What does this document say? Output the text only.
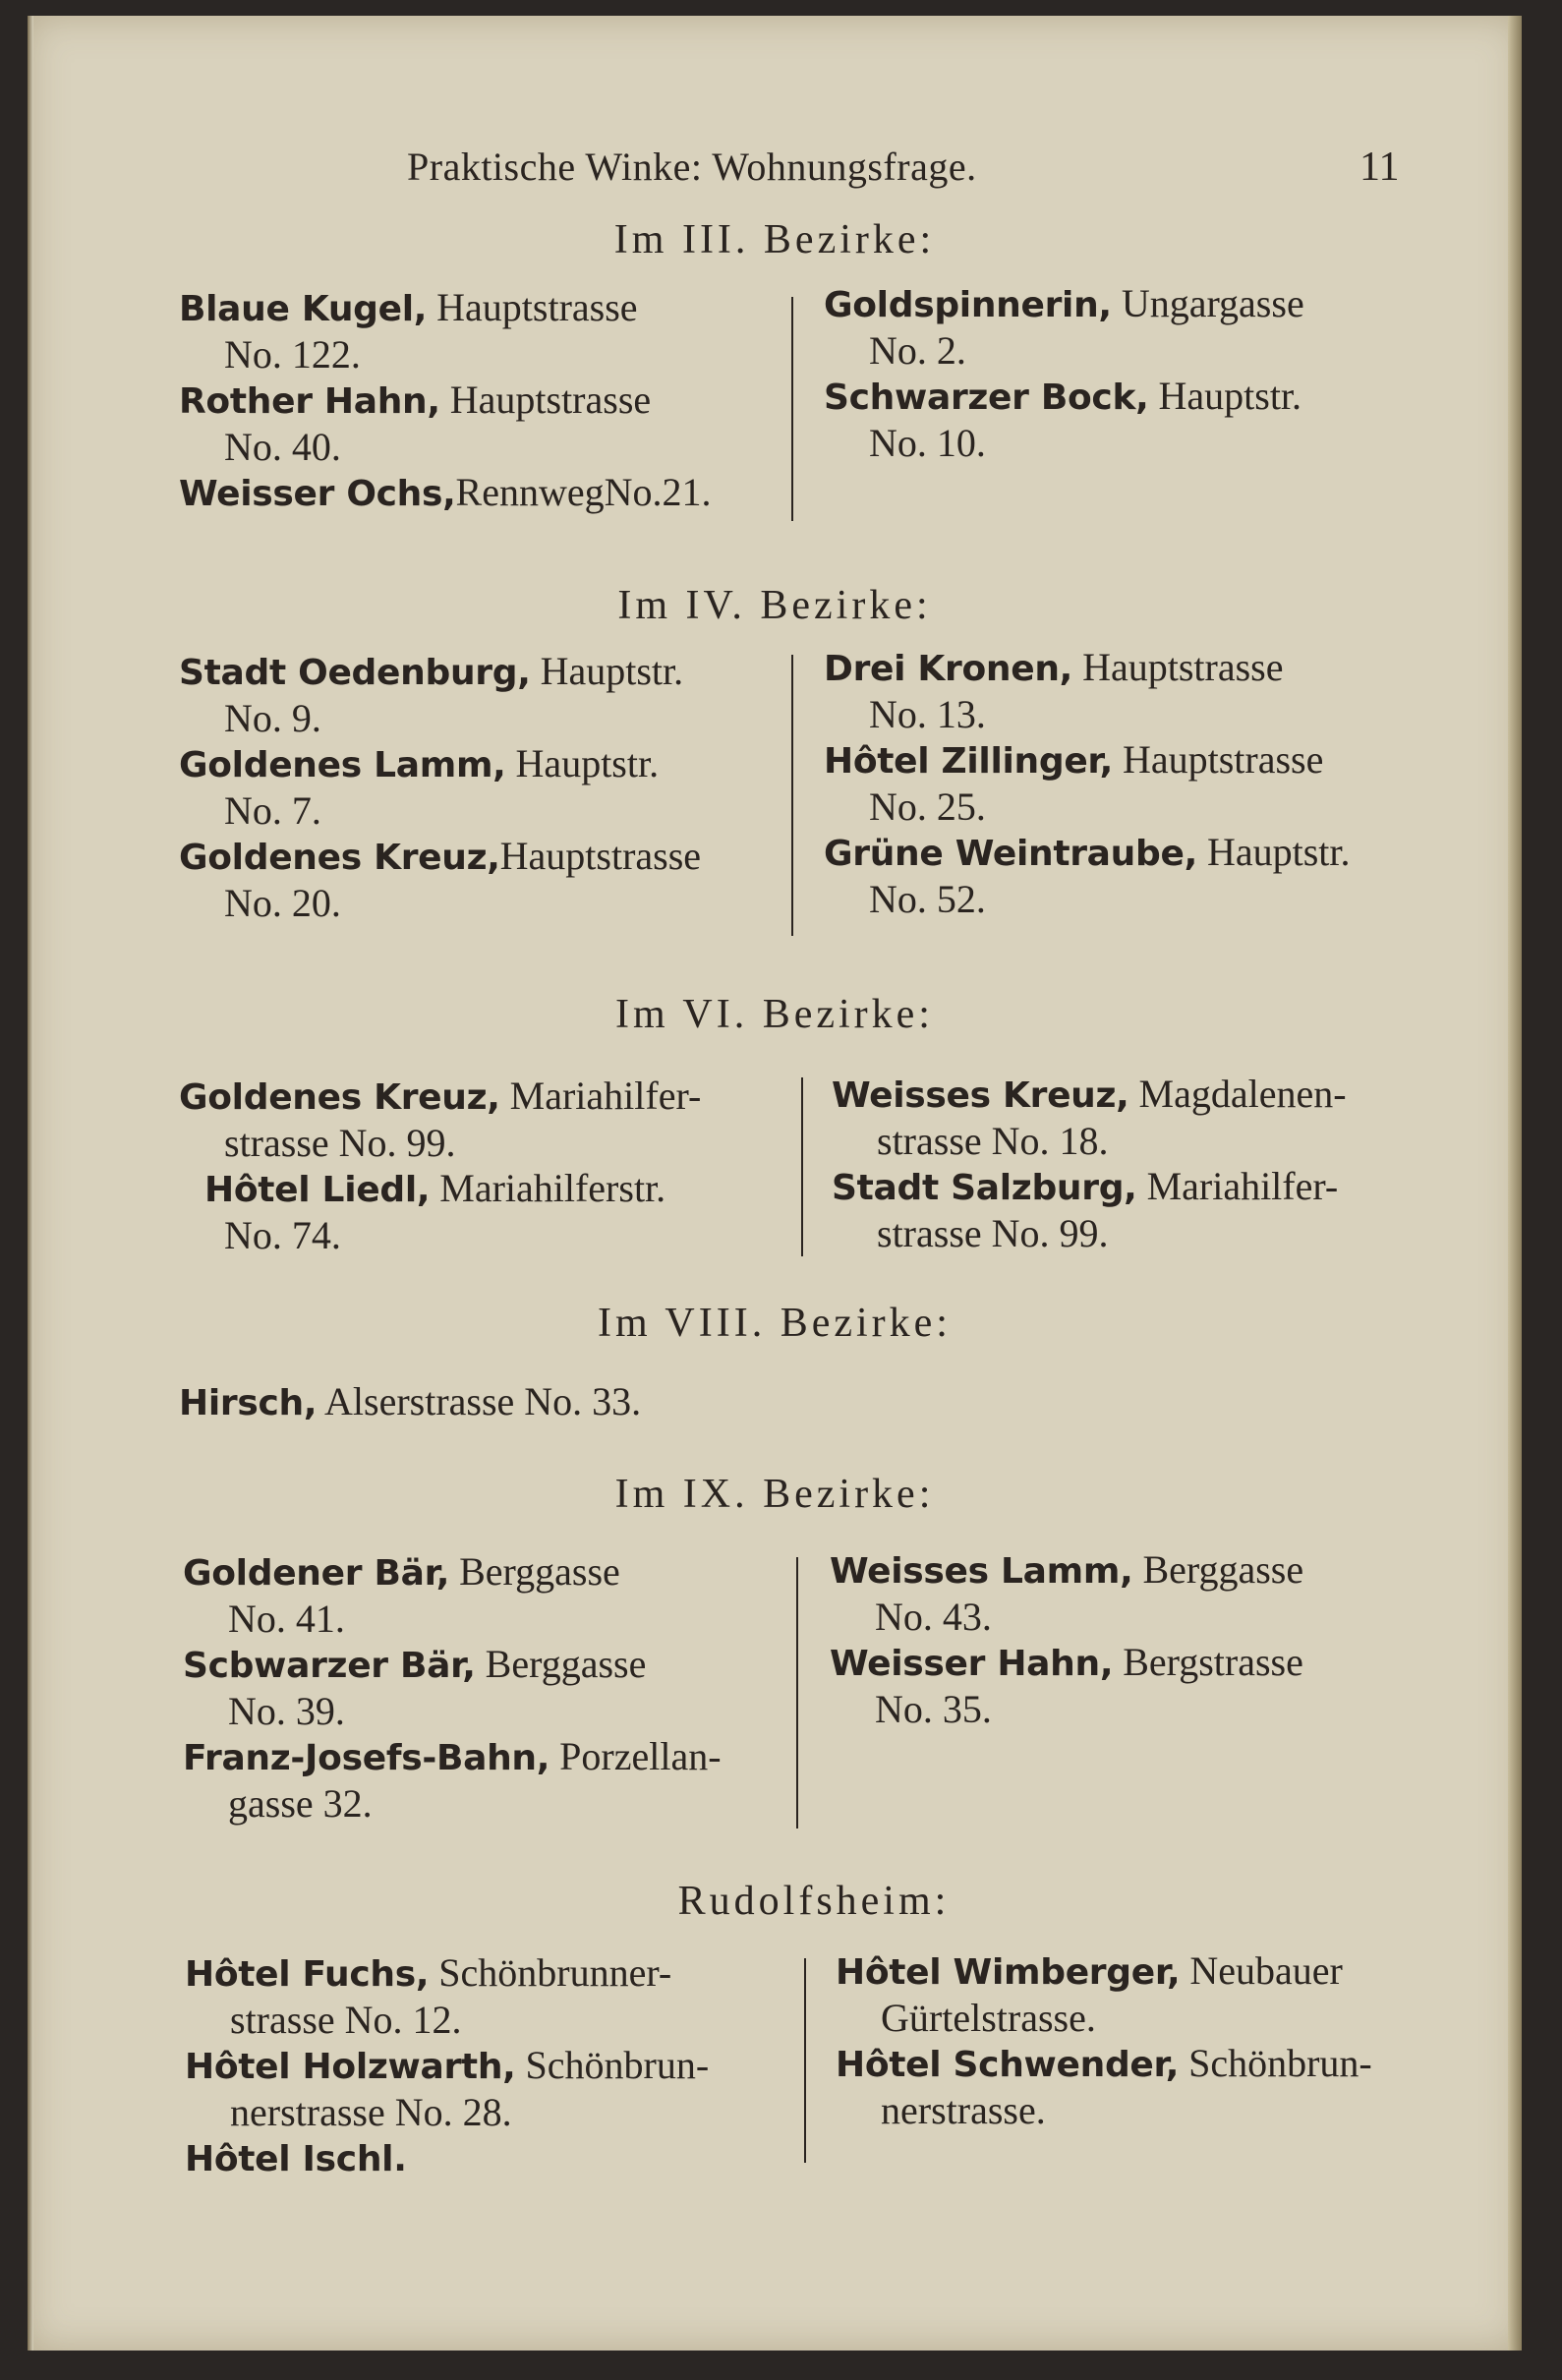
Praktische Winke: Wohnungsfrage.	11
Im III. Bezirke:
Blaue Kugel, Hauptstrasse
No. 122.
Rother Hahn, Hauptstrasse
No. 40.
Weisser Ochs,RennwegNo.21.
Goldspinnerin, Ungargasse
No. 2.
Schwarzer Bock, Hauptstr.
No. 10.
Im IV. Bezirke:
Stadt Oedenburg, Hauptstr.
No. 9.
Goldenes Lamm, Hauptstr.
No. 7.
Goldenes Kreuz,Hauptstrasse
No. 20.
Drei Kronen, Hauptstrasse
No. 13.
Hôtel Zillinger, Hauptstrasse
No. 25.
Grüne Weintraube, Hauptstr.
No. 52.
Im VI. Bezirke:
Goldenes Kreuz, Mariahilfer-
strasse No. 99.
Hôtel Liedl, Mariahilferstr.
No. 74.
Weisses Kreuz, Magdalenen-
strasse No. 18.
Stadt Salzburg, Mariahilfer-
strasse No. 99.
Im VIII. Bezirke:
Hirsch, Alserstrasse No. 33.
Im IX. Bezirke:
Goldener Bär, Berggasse
No. 41.
Scbwarzer Bär, Berggasse
No. 39.
Franz-Josefs-Bahn, Porzellan-
gasse 32.
Weisses Lamm, Berggasse
No. 43.
Weisser Hahn, Bergstrasse
No. 35.
Rudolfsheim:
Hôtel Fuchs, Schönbrunner-
strasse No. 12.
Hôtel Holzwarth, Schönbrun-
nerstrasse No. 28.
Hôtel Ischl.
Hôtel Wimberger, Neubauer
Gürtelstrasse.
Hôtel Schwender, Schönbrun-
nerstrasse.
